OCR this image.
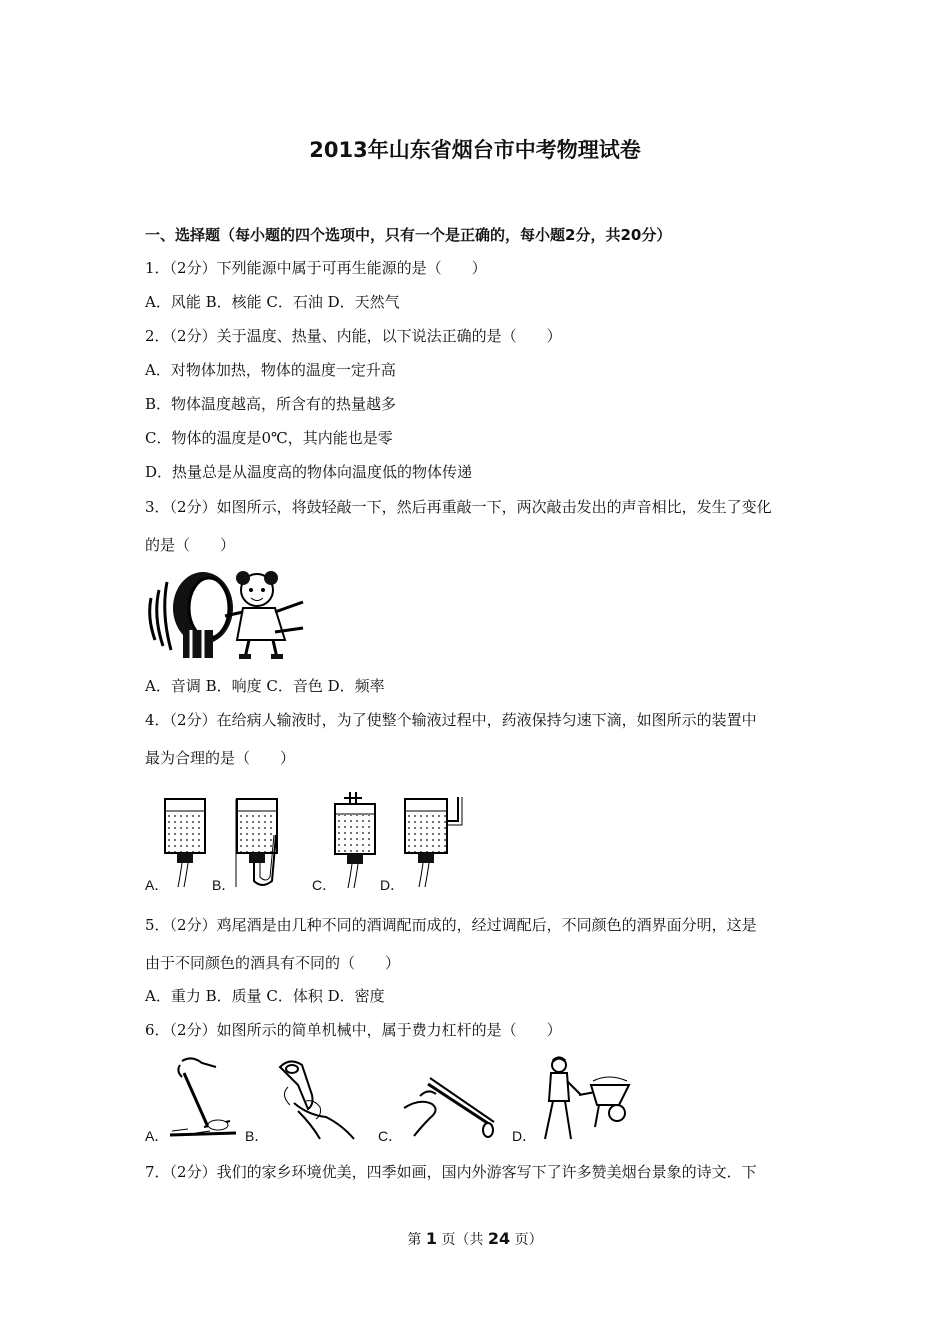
2013年山东省烟台市中考物理试卷
一、选择题（每小题的四个选项中，只有一个是正确的，每小题2分，共20分）
1．（2分）下列能源中属于可再生能源的是（　　）
A．风能 B．核能 C．石油 D．天然气
2．（2分）关于温度、热量、内能，以下说法正确的是（　　）
A．对物体加热，物体的温度一定升高
B．物体温度越高，所含有的热量越多
C．物体的温度是0℃，其内能也是零
D．热量总是从温度高的物体向温度低的物体传递
3．（2分）如图所示，将鼓轻敲一下，然后再重敲一下，两次敲击发出的声音相比，发生了变化
的是（　　）
A．音调 B．响度 C．音色 D．频率
4．（2分）在给病人输液时，为了使整个输液过程中，药液保持匀速下滴，如图所示的装置中
最为合理的是（　　）
A．	B．	C．	D．
5．（2分）鸡尾酒是由几种不同的酒调配而成的，经过调配后，不同颜色的酒界面分明，这是
由于不同颜色的酒具有不同的（　　）
A．重力 B．质量 C．体积 D．密度
6．（2分）如图所示的简单机械中，属于费力杠杆的是（　　）
A．	B．	C．	D．
7．（2分）我们的家乡环境优美，四季如画，国内外游客写下了许多赞美烟台景象的诗文．下
第 1 页（共 24 页）
